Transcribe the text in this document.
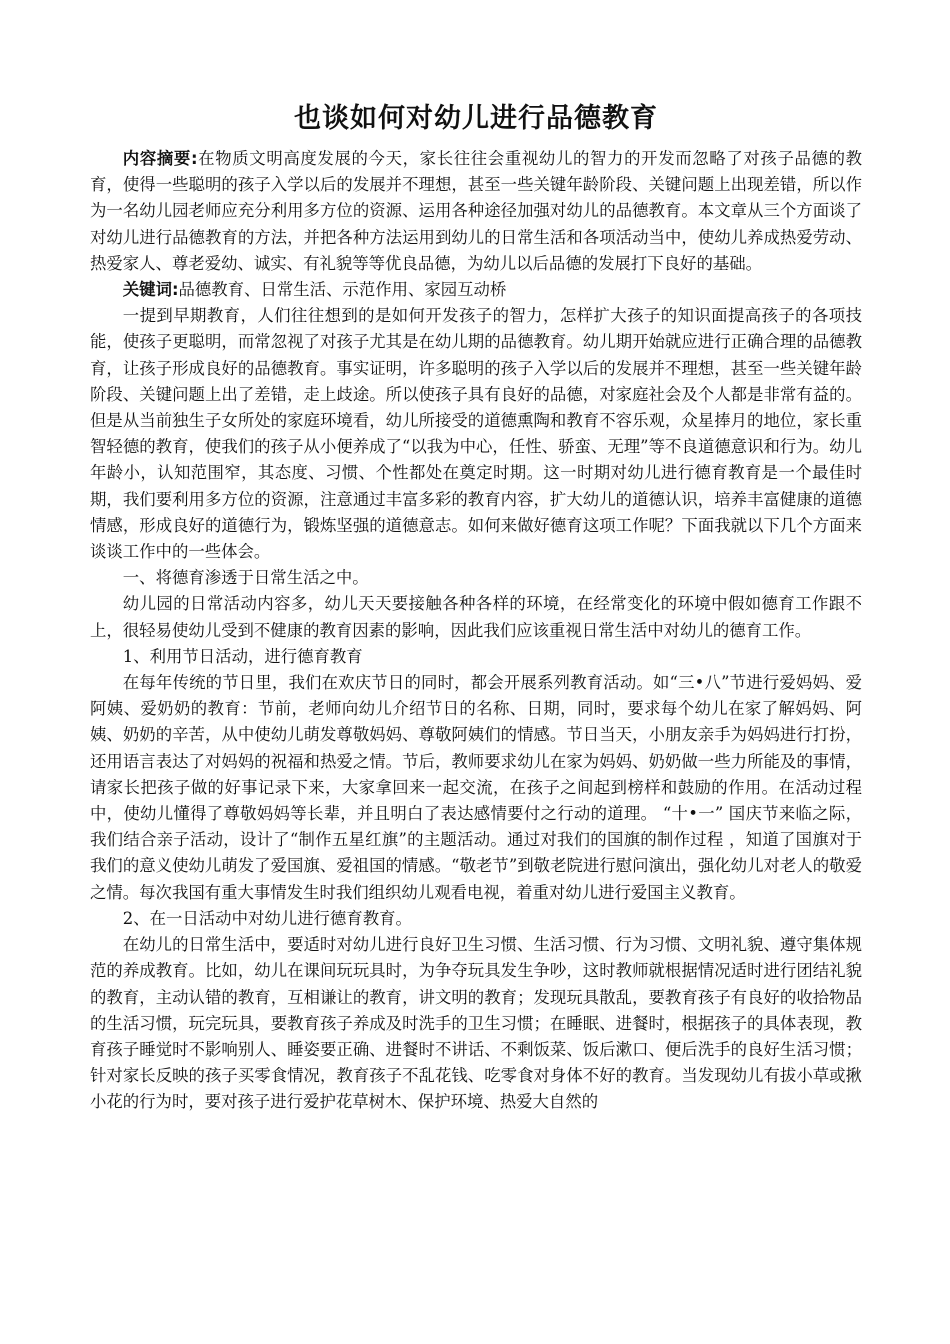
也谈如何对幼儿进行品德教育

内容摘要:在物质文明高度发展的今天，家长往往会重视幼儿的智力的开发而忽略了对孩子品德的教育，使得一些聪明的孩子入学以后的发展并不理想，甚至一些关键年龄阶段、关键问题上出现差错，所以作为一名幼儿园老师应充分利用多方位的资源、运用各种途径加强对幼儿的品德教育。本文章从三个方面谈了对幼儿进行品德教育的方法，并把各种方法运用到幼儿的日常生活和各项活动当中，使幼儿养成热爱劳动、热爱家人、尊老爱幼、诚实、有礼貌等等优良品德，为幼儿以后品德的发展打下良好的基础。

关键词:品德教育、日常生活、示范作用、家园互动桥

一提到早期教育，人们往往想到的是如何开发孩子的智力，怎样扩大孩子的知识面提高孩子的各项技能，使孩子更聪明，而常忽视了对孩子尤其是在幼儿期的品德教育。幼儿期开始就应进行正确合理的品德教育，让孩子形成良好的品德教育。事实证明，许多聪明的孩子入学以后的发展并不理想，甚至一些关键年龄阶段、关键问题上出了差错，走上歧途。所以使孩子具有良好的品德，对家庭社会及个人都是非常有益的。但是从当前独生子女所处的家庭环境看，幼儿所接受的道德熏陶和教育不容乐观，众星捧月的地位，家长重智轻德的教育，使我们的孩子从小便养成了“以我为中心，任性、骄蛮、无理”等不良道德意识和行为。幼儿年龄小，认知范围窄，其态度、习惯、个性都处在奠定时期。这一时期对幼儿进行德育教育是一个最佳时期，我们要利用多方位的资源，注意通过丰富多彩的教育内容，扩大幼儿的道德认识，培养丰富健康的道德情感，形成良好的道德行为，锻炼坚强的道德意志。如何来做好德育这项工作呢？下面我就以下几个方面来谈谈工作中的一些体会。

一、将德育渗透于日常生活之中。

幼儿园的日常活动内容多，幼儿天天要接触各种各样的环境，在经常变化的环境中假如德育工作跟不上，很轻易使幼儿受到不健康的教育因素的影响，因此我们应该重视日常生活中对幼儿的德育工作。

1、利用节日活动，进行德育教育

在每年传统的节日里，我们在欢庆节日的同时，都会开展系列教育活动。如“三•八”节进行爱妈妈、爱阿姨、爱奶奶的教育：节前，老师向幼儿介绍节日的名称、日期，同时，要求每个幼儿在家了解妈妈、阿姨、奶奶的辛苦，从中使幼儿萌发尊敬妈妈、尊敬阿姨们的情感。节日当天，小朋友亲手为妈妈进行打扮，还用语言表达了对妈妈的祝福和热爱之情。节后，教师要求幼儿在家为妈妈、奶奶做一些力所能及的事情，请家长把孩子做的好事记录下来，大家拿回来一起交流，在孩子之间起到榜样和鼓励的作用。在活动过程中，使幼儿懂得了尊敬妈妈等长辈，并且明白了表达感情要付之行动的道理。 “十•一” 国庆节来临之际，我们结合亲子活动，设计了“制作五星红旗”的主题活动。通过对我们的国旗的制作过程 ，知道了国旗对于我们的意义使幼儿萌发了爱国旗、爱祖国的情感。“敬老节”到敬老院进行慰问演出，强化幼儿对老人的敬爱之情。每次我国有重大事情发生时我们组织幼儿观看电视，着重对幼儿进行爱国主义教育。

2、在一日活动中对幼儿进行德育教育。

在幼儿的日常生活中，要适时对幼儿进行良好卫生习惯、生活习惯、行为习惯、文明礼貌、遵守集体规范的养成教育。比如，幼儿在课间玩玩具时，为争夺玩具发生争吵，这时教师就根据情况适时进行团结礼貌的教育，主动认错的教育，互相谦让的教育，讲文明的教育；发现玩具散乱，要教育孩子有良好的收拾物品的生活习惯，玩完玩具，要教育孩子养成及时洗手的卫生习惯；在睡眠、进餐时，根据孩子的具体表现，教育孩子睡觉时不影响别人、睡姿要正确、进餐时不讲话、不剩饭菜、饭后漱口、便后洗手的良好生活习惯；针对家长反映的孩子买零食情况，教育孩子不乱花钱、吃零食对身体不好的教育。当发现幼儿有拔小草或揪小花的行为时，要对孩子进行爱护花草树木、保护环境、热爱大自然的
